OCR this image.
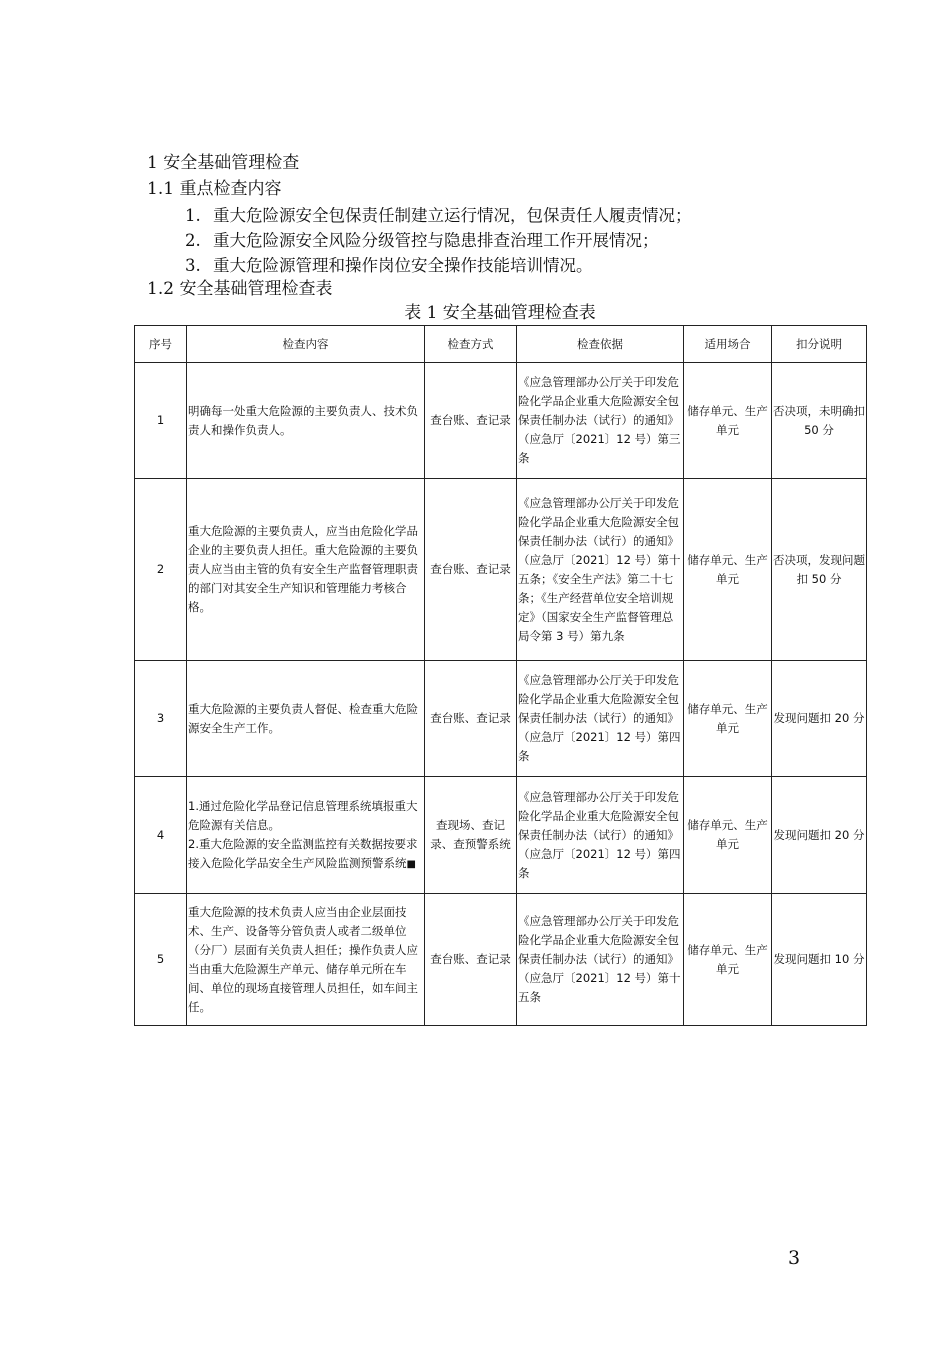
1 安全基础管理检查
1.1 重点检查内容
1. 重大危险源安全包保责任制建立运行情况，包保责任人履责情况；
2. 重大危险源安全风险分级管控与隐患排查治理工作开展情况；
3. 重大危险源管理和操作岗位安全操作技能培训情况。
1.2 安全基础管理检查表
表 1 安全基础管理检查表
序号	检查内容	检查方式	检查依据	适用场合	扣分说明
1	明确每一处重大危险源的主要负责人、技术负责人和操作负责人。	查台账、查记录	《应急管理部办公厅关于印发危险化学品企业重大危险源安全包保责任制办法（试行）的通知》（应急厅〔2021〕12 号）第三条	储存单元、生产单元	否决项，未明确扣 50 分
2	重大危险源的主要负责人，应当由危险化学品企业的主要负责人担任。重大危险源的主要负责人应当由主管的负有安全生产监督管理职责的部门对其安全生产知识和管理能力考核合格。	查台账、查记录	《应急管理部办公厅关于印发危险化学品企业重大危险源安全包保责任制办法（试行）的通知》（应急厅〔2021〕12 号）第十五条；《安全生产法》第二十七条；《生产经营单位安全培训规定》（国家安全生产监督管理总局令第 3 号）第九条	储存单元、生产单元	否决项，发现问题扣 50 分
3	重大危险源的主要负责人督促、检查重大危险源安全生产工作。	查台账、查记录	《应急管理部办公厅关于印发危险化学品企业重大危险源安全包保责任制办法（试行）的通知》（应急厅〔2021〕12 号）第四条	储存单元、生产单元	发现问题扣 20 分
4	1.通过危险化学品登记信息管理系统填报重大危险源有关信息。
2.重大危险源的安全监测监控有关数据按要求接入危险化学品安全生产风险监测预警系统■	查现场、查记录、查预警系统	《应急管理部办公厅关于印发危险化学品企业重大危险源安全包保责任制办法（试行）的通知》（应急厅〔2021〕12 号）第四条	储存单元、生产单元	发现问题扣 20 分
5	重大危险源的技术负责人应当由企业层面技术、生产、设备等分管负责人或者二级单位（分厂）层面有关负责人担任；操作负责人应当由重大危险源生产单元、储存单元所在车间、单位的现场直接管理人员担任，如车间主任。	查台账、查记录	《应急管理部办公厅关于印发危险化学品企业重大危险源安全包保责任制办法（试行）的通知》（应急厅〔2021〕12 号）第十五条	储存单元、生产单元	发现问题扣 10 分
3
